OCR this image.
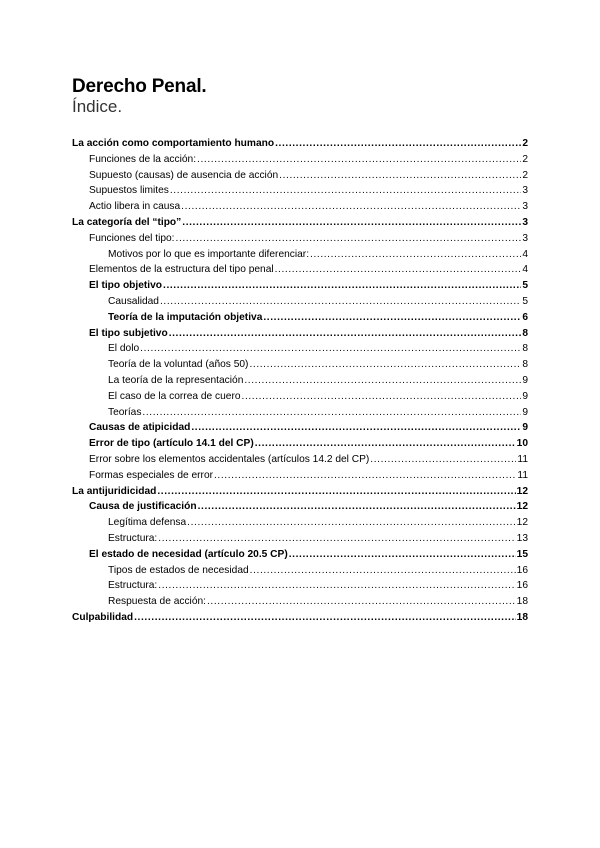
Derecho Penal.
Índice.
La acción como comportamiento humano .....	2
Funciones de la acción: .....	2
Supuesto (causas) de ausencia de acción .....	2
Supuestos limites .....	3
Actio libera in causa .....	3
La categoría del “tipo” .....	3
Funciones del tipo: .....	3
Motivos por lo que es importante diferenciar: .....	4
Elementos de la estructura del tipo penal .....	4
El tipo objetivo .....	5
Causalidad .....	5
Teoría de la imputación objetiva .....	6
El tipo subjetivo .....	8
El dolo .....	8
Teoría de la voluntad (años 50) .....	8
La teoría de la representación .....	9
El caso de la correa de cuero .....	9
Teorías .....	9
Causas de atipicidad .....	9
Error de tipo (artículo 14.1 del CP) .....	10
Error sobre los elementos accidentales (artículos 14.2 del CP) .....	11
Formas especiales de error .....	11
La antijuridicidad .....	12
Causa de justificación .....	12
Legítima defensa .....	12
Estructura: .....	13
El estado de necesidad (artículo 20.5 CP) .....	15
Tipos de estados de necesidad .....	16
Estructura: .....	16
Respuesta de acción: .....	18
Culpabilidad .....	18
